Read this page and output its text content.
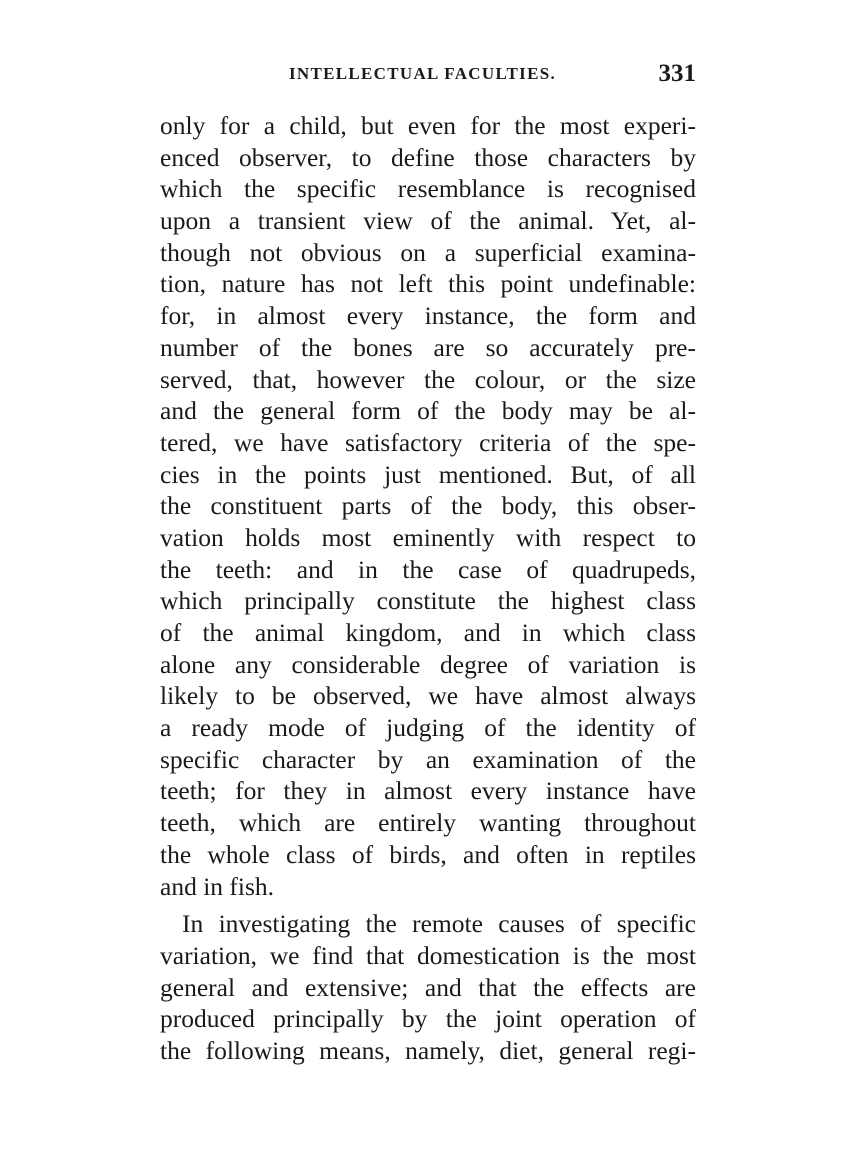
INTELLECTUAL FACULTIES.	331
only for a child, but even for the most experi-
enced observer, to define those characters by
which the specific resemblance is recognised
upon a transient view of the animal. Yet, al-
though not obvious on a superficial examina-
tion, nature has not left this point undefinable:
for, in almost every instance, the form and
number of the bones are so accurately pre-
served, that, however the colour, or the size
and the general form of the body may be al-
tered, we have satisfactory criteria of the spe-
cies in the points just mentioned. But, of all
the constituent parts of the body, this obser-
vation holds most eminently with respect to
the teeth: and in the case of quadrupeds,
which principally constitute the highest class
of the animal kingdom, and in which class
alone any considerable degree of variation is
likely to be observed, we have almost always
a ready mode of judging of the identity of
specific character by an examination of the
teeth; for they in almost every instance have
teeth, which are entirely wanting throughout
the whole class of birds, and often in reptiles
and in fish.
In investigating the remote causes of specific
variation, we find that domestication is the most
general and extensive; and that the effects are
produced principally by the joint operation of
the following means, namely, diet, general regi-
